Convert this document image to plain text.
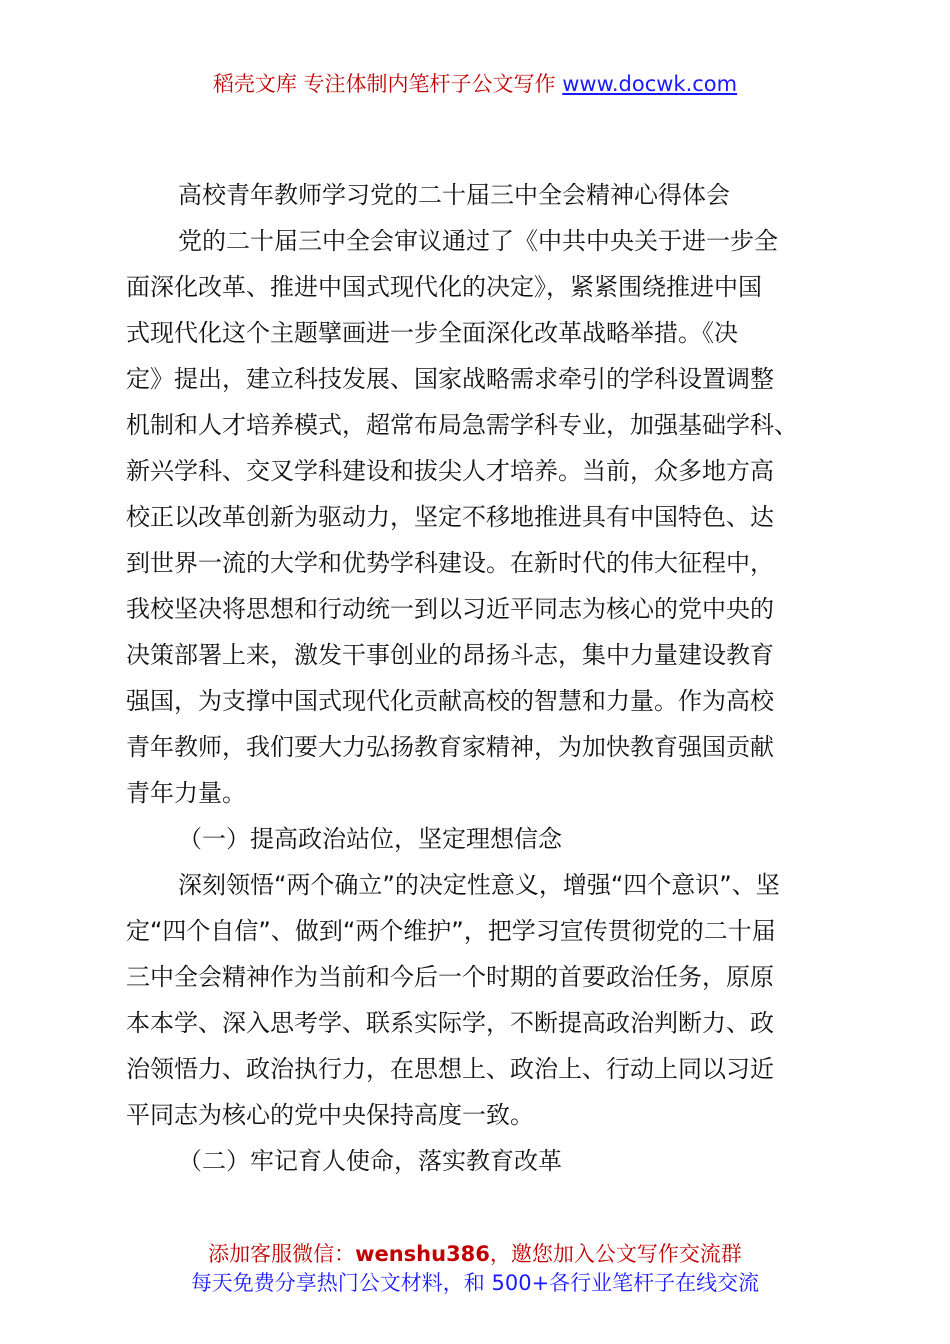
稻壳文库 专注体制内笔杆子公文写作 www.docwk.com
高校青年教师学习党的二十届三中全会精神心得体会
党的二十届三中全会审议通过了《中共中央关于进一步全
面深化改革、推进中国式现代化的决定》，紧紧围绕推进中国
式现代化这个主题擘画进一步全面深化改革战略举措。《决
定》提出，建立科技发展、国家战略需求牵引的学科设置调整
机制和人才培养模式，超常布局急需学科专业，加强基础学科、
新兴学科、交叉学科建设和拔尖人才培养。当前，众多地方高
校正以改革创新为驱动力，坚定不移地推进具有中国特色、达
到世界一流的大学和优势学科建设。在新时代的伟大征程中，
我校坚决将思想和行动统一到以习近平同志为核心的党中央的
决策部署上来，激发干事创业的昂扬斗志，集中力量建设教育
强国，为支撑中国式现代化贡献高校的智慧和力量。作为高校
青年教师，我们要大力弘扬教育家精神，为加快教育强国贡献
青年力量。
（一）提高政治站位，坚定理想信念
深刻领悟“两个确立”的决定性意义，增强“四个意识”、坚
定“四个自信”、做到“两个维护”，把学习宣传贯彻党的二十届
三中全会精神作为当前和今后一个时期的首要政治任务，原原
本本学、深入思考学、联系实际学，不断提高政治判断力、政
治领悟力、政治执行力，在思想上、政治上、行动上同以习近
平同志为核心的党中央保持高度一致。
（二）牢记育人使命，落实教育改革
添加客服微信：wenshu386，邀您加入公文写作交流群
每天免费分享热门公文材料，和 500+各行业笔杆子在线交流
